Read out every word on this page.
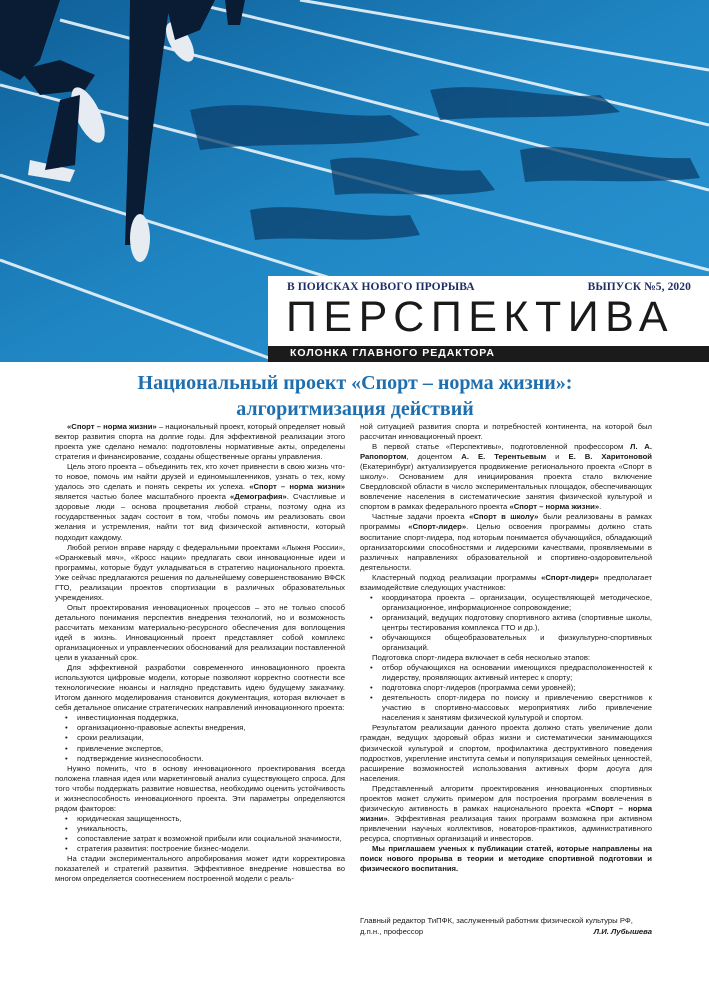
В ПОИСКАХ НОВОГО ПРОРЫВА	ВЫПУСК №5, 2020
ПЕРСПЕКТИВА
КОЛОНКА ГЛАВНОГО РЕДАКТОРА
Национальный проект «Спорт – норма жизни»:
алгоритмизация действий

«Спорт – норма жизни» – национальный проект, который определяет новый вектор развития спорта на долгие годы. Для эффективной реализации этого проекта уже сделано немало: подготовлены нормативные акты, определены стратегия и финансирование, созданы общественные органы управления.

Цель этого проекта – объединить тех, кто хочет привнести в свою жизнь что-то новое, помочь им найти друзей и единомышленников, узнать о тех, кому удалось это сделать и понять секреты их успеха. «Спорт – норма жизни» является частью более масштабного проекта «Демография». Счастливые и здоровые люди – основа процветания любой страны, поэтому одна из государственных задач состоит в том, чтобы помочь им реализовать свои желания и устремления, найти тот вид физической активности, который подходит каждому.

Любой регион вправе наряду с федеральными проектами «Лыжня России», «Оранжевый мяч», «Кросс нации» предлагать свои инновационные идеи и программы, которые будут укладываться в стратегию национального проекта. Уже сейчас предлагаются решения по дальнейшему совершенствованию ВФСК ГТО, реализации проектов спортизации в различных образовательных учреждениях.

Опыт проектирования инновационных процессов – это не только способ детального понимания перспектив внедрения технологий, но и возможность рассчитать механизм материально-ресурсного обеспечения для воплощения идей в жизнь. Инновационный проект представляет собой комплекс организационных и управленческих обоснований для реализации поставленной цели в указанный срок.

Для эффективной разработки современного инновационного проекта используются цифровые модели, которые позволяют корректно соотнести все технологические нюансы и наглядно представить идею будущему заказчику. Итогом данного моделирования становится документация, которая включает в себя детальное описание стратегических направлений инновационного проекта:

• инвестиционная поддержка,
• организационно-правовые аспекты внедрения,
• сроки реализации,
• привлечение экспертов,
• подтверждение жизнеспособности.

Нужно помнить, что в основу инновационного проектирования всегда положена главная идея или маркетинговый анализ существующего спроса. Для того чтобы поддержать развитие новшества, необходимо оценить устойчивость и жизнеспособность инновационного проекта. Эти параметры определяются рядом факторов:

• юридическая защищенность,
• уникальность,
• сопоставление затрат к возможной прибыли или социальной значимости,
• стратегия развития: построение бизнес-модели.

На стадии экспериментального апробирования может идти корректировка показателей и стратегий развития. Эффективное внедрение новшества во многом определяется соотнесением построенной модели с реаль-

ной ситуацией развития спорта и потребностей континента, на которой был рассчитан инновационный проект.

В первой статье «Перспективы», подготовленной профессором Л. А. Рапопортом, доцентом А. Е. Терентьевым и Е. В. Харитоновой (Екатеринбург) актуализируется продвижение регионального проекта «Спорт в школу». Основанием для инициирования проекта стало включение Свердловской области в число экспериментальных площадок, обеспечивающих вовлечение населения в систематические занятия физической культурой и спортом в рамках федерального проекта «Спорт – норма жизни».

Частные задачи проекта «Спорт в школу» были реализованы в рамках программы «Спорт-лидер». Целью освоения программы должно стать воспитание спорт-лидера, под которым понимается обучающийся, обладающий организаторскими способностями и лидерскими качествами, проявляемыми в различных направлениях образовательной и спортивно-оздоровительной деятельности.

Кластерный подход реализации программы «Спорт-лидер» предполагает взаимодействие следующих участников:

• координатора проекта – организации, осуществляющей методическое, организационное, информационное сопровождение;
• организаций, ведущих подготовку спортивного актива (спортивные школы, центры тестирования комплекса ГТО и др.),
• обучающихся общеобразовательных и физкультурно-спортивных организаций.

Подготовка спорт-лидера включает в себя несколько этапов:

• отбор обучающихся на основании имеющихся предрасположенностей к лидерству, проявляющих активный интерес к спорту;
• подготовка спорт-лидеров (программа семи уровней);
• деятельность спорт-лидера по поиску и привлечению сверстников к участию в спортивно-массовых мероприятиях либо привлечение населения к занятиям физической культурой и спортом.

Результатом реализации данного проекта должно стать увеличение доли граждан, ведущих здоровый образ жизни и систематически занимающихся физической культурой и спортом, профилактика деструктивного поведения подростков, укрепление института семьи и популяризация семейных ценностей, расширение возможностей использования активных форм досуга для населения.

Представленный алгоритм проектирования инновационных спортивных проектов может служить примером для построения программ вовлечения в физическую активность в рамках национального проекта «Спорт – норма жизни». Эффективная реализация таких программ возможна при активном привлечении научных коллективов, новаторов-практиков, административного ресурса, спортивных организаций и инвесторов.

Мы приглашаем ученых к публикации статей, которые направлены на поиск нового прорыва в теории и методике спортивной подготовки и физического воспитания.

Главный редактор ТиПФК, заслуженный работник физической культуры РФ, д.п.н., профессор	Л.И. Лубышева
